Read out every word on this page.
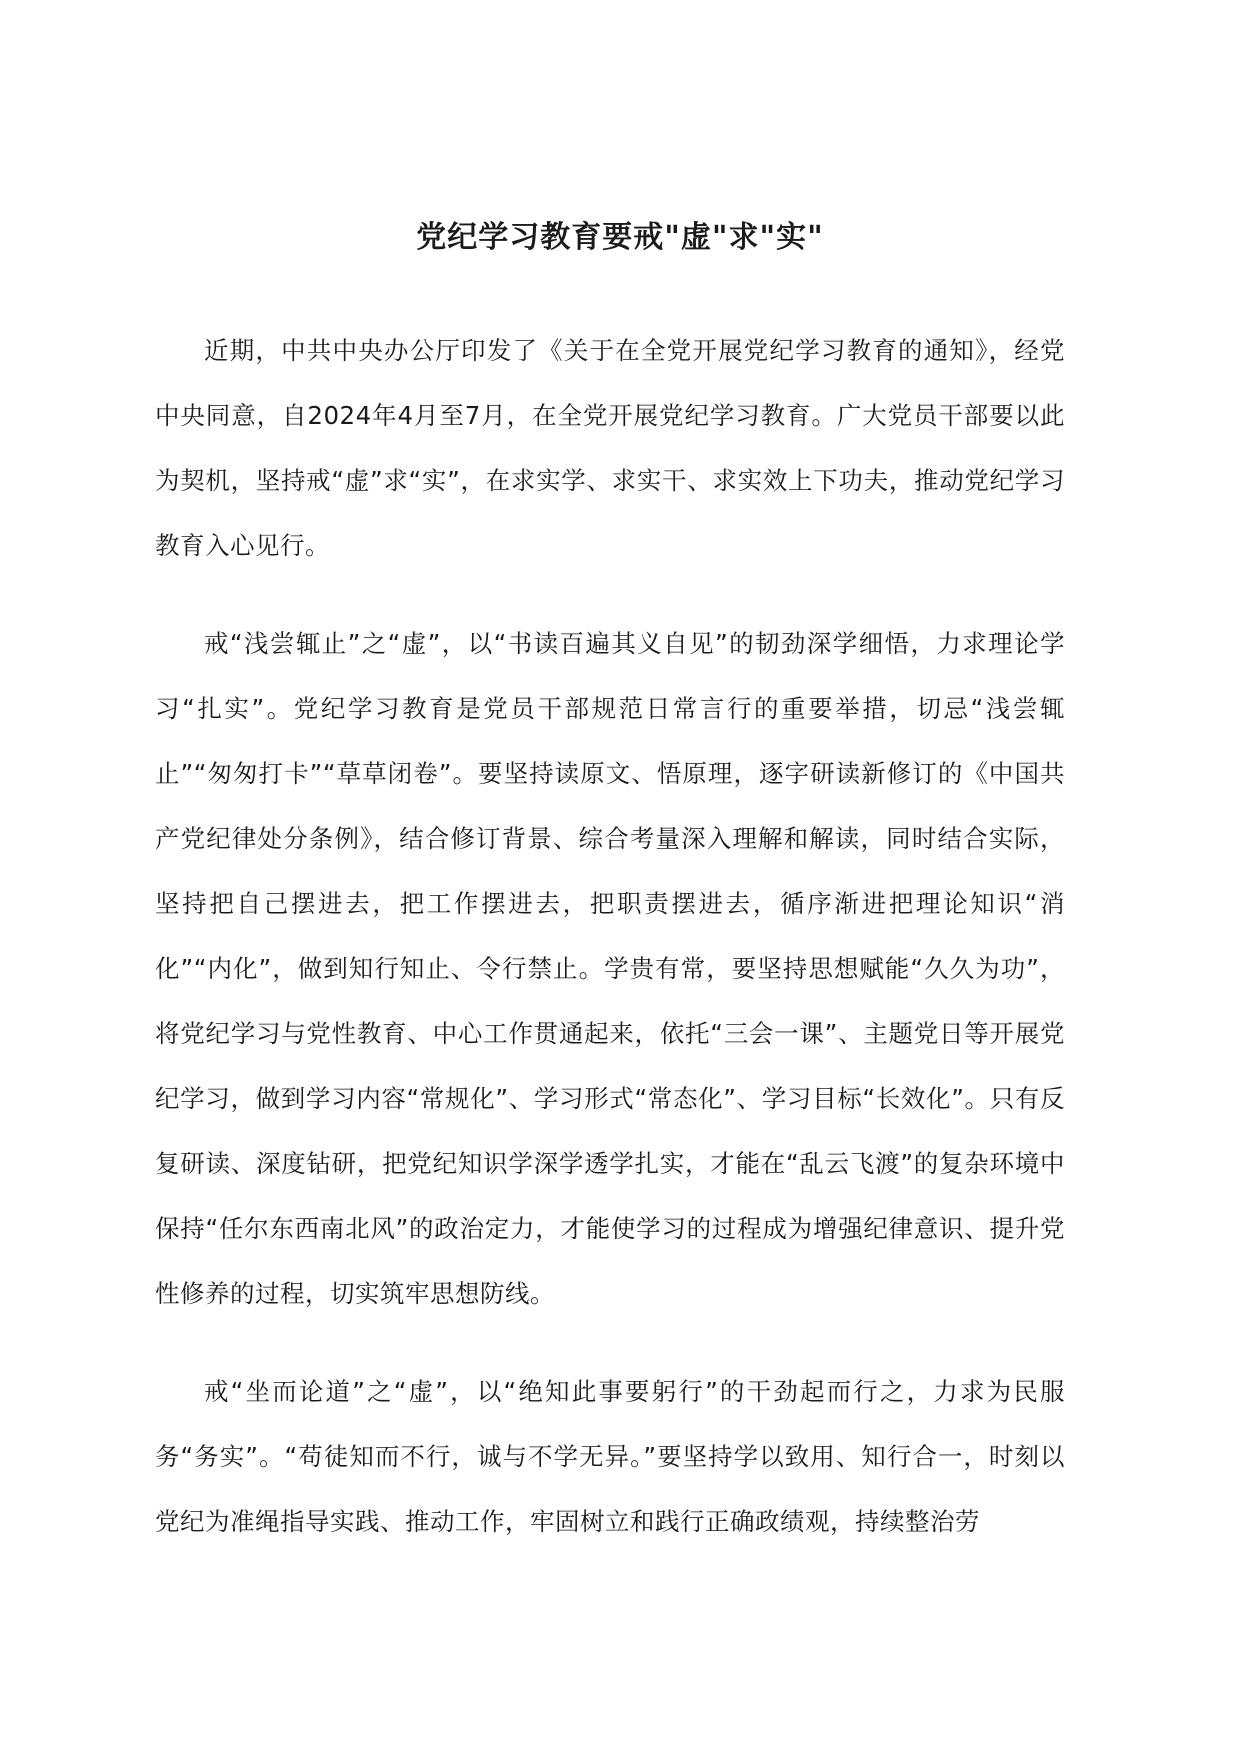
党纪学习教育要戒"虚"求"实"

近期，中共中央办公厅印发了《关于在全党开展党纪学习教育的通知》，经党中央同意，自2024年4月至7月，在全党开展党纪学习教育。广大党员干部要以此为契机，坚持戒“虚”求“实”，在求实学、求实干、求实效上下功夫，推动党纪学习教育入心见行。

戒“浅尝辄止”之“虚”，以“书读百遍其义自见”的韧劲深学细悟，力求理论学习“扎实”。党纪学习教育是党员干部规范日常言行的重要举措，切忌“浅尝辄止”“匆匆打卡”“草草闭卷”。要坚持读原文、悟原理，逐字研读新修订的《中国共产党纪律处分条例》，结合修订背景、综合考量深入理解和解读，同时结合实际，坚持把自己摆进去，把工作摆进去，把职责摆进去，循序渐进把理论知识“消化”“内化”，做到知行知止、令行禁止。学贵有常，要坚持思想赋能“久久为功”，将党纪学习与党性教育、中心工作贯通起来，依托“三会一课”、主题党日等开展党纪学习，做到学习内容“常规化”、学习形式“常态化”、学习目标“长效化”。只有反复研读、深度钻研，把党纪知识学深学透学扎实，才能在“乱云飞渡”的复杂环境中保持“任尔东西南北风”的政治定力，才能使学习的过程成为增强纪律意识、提升党性修养的过程，切实筑牢思想防线。

戒“坐而论道”之“虚”，以“绝知此事要躬行”的干劲起而行之，力求为民服务“务实”。“苟徒知而不行，诚与不学无异。”要坚持学以致用、知行合一，时刻以党纪为准绳指导实践、推动工作，牢固树立和践行正确政绩观，持续整治劳
